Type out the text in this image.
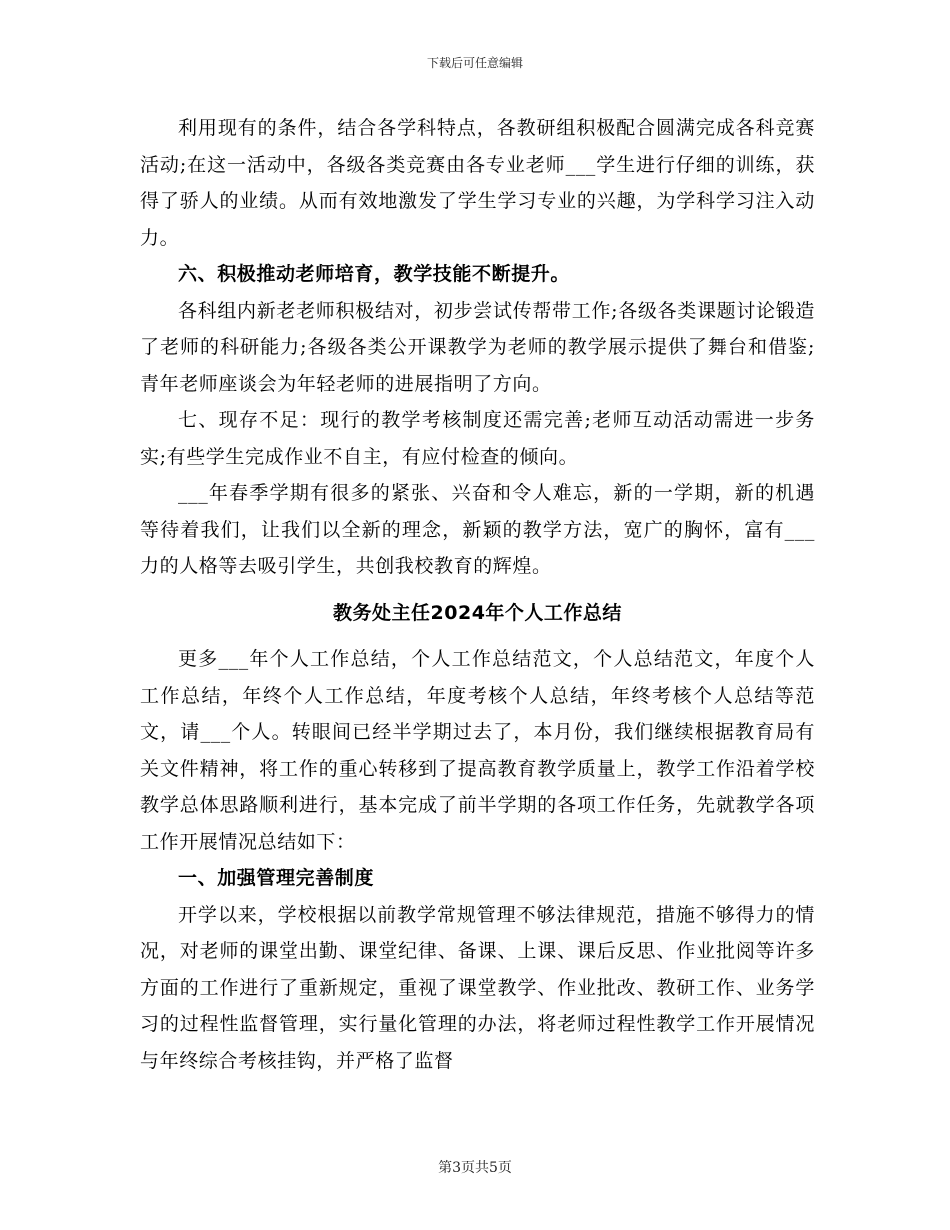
下载后可任意编辑

利用现有的条件，结合各学科特点，各教研组积极配合圆满完成各科竞赛活动;在这一活动中，各级各类竞赛由各专业老师___学生进行仔细的训练，获得了骄人的业绩。从而有效地激发了学生学习专业的兴趣，为学科学习注入动力。

六、积极推动老师培育，教学技能不断提升。

各科组内新老老师积极结对，初步尝试传帮带工作;各级各类课题讨论锻造了老师的科研能力;各级各类公开课教学为老师的教学展示提供了舞台和借鉴;青年老师座谈会为年轻老师的进展指明了方向。

七、现存不足：现行的教学考核制度还需完善;老师互动活动需进一步务实;有些学生完成作业不自主，有应付检查的倾向。

___年春季学期有很多的紧张、兴奋和令人难忘，新的一学期，新的机遇等待着我们，让我们以全新的理念，新颖的教学方法，宽广的胸怀，富有___力的人格等去吸引学生，共创我校教育的辉煌。

教务处主任2024年个人工作总结

更多___年个人工作总结，个人工作总结范文，个人总结范文，年度个人工作总结，年终个人工作总结，年度考核个人总结，年终考核个人总结等范文，请___个人。转眼间已经半学期过去了，本月份，我们继续根据教育局有关文件精神，将工作的重心转移到了提高教育教学质量上，教学工作沿着学校教学总体思路顺利进行，基本完成了前半学期的各项工作任务，先就教学各项工作开展情况总结如下：

一、加强管理完善制度

开学以来，学校根据以前教学常规管理不够法律规范，措施不够得力的情况，对老师的课堂出勤、课堂纪律、备课、上课、课后反思、作业批阅等许多方面的工作进行了重新规定，重视了课堂教学、作业批改、教研工作、业务学习的过程性监督管理，实行量化管理的办法，将老师过程性教学工作开展情况与年终综合考核挂钩，并严格了监督

第3页共5页
